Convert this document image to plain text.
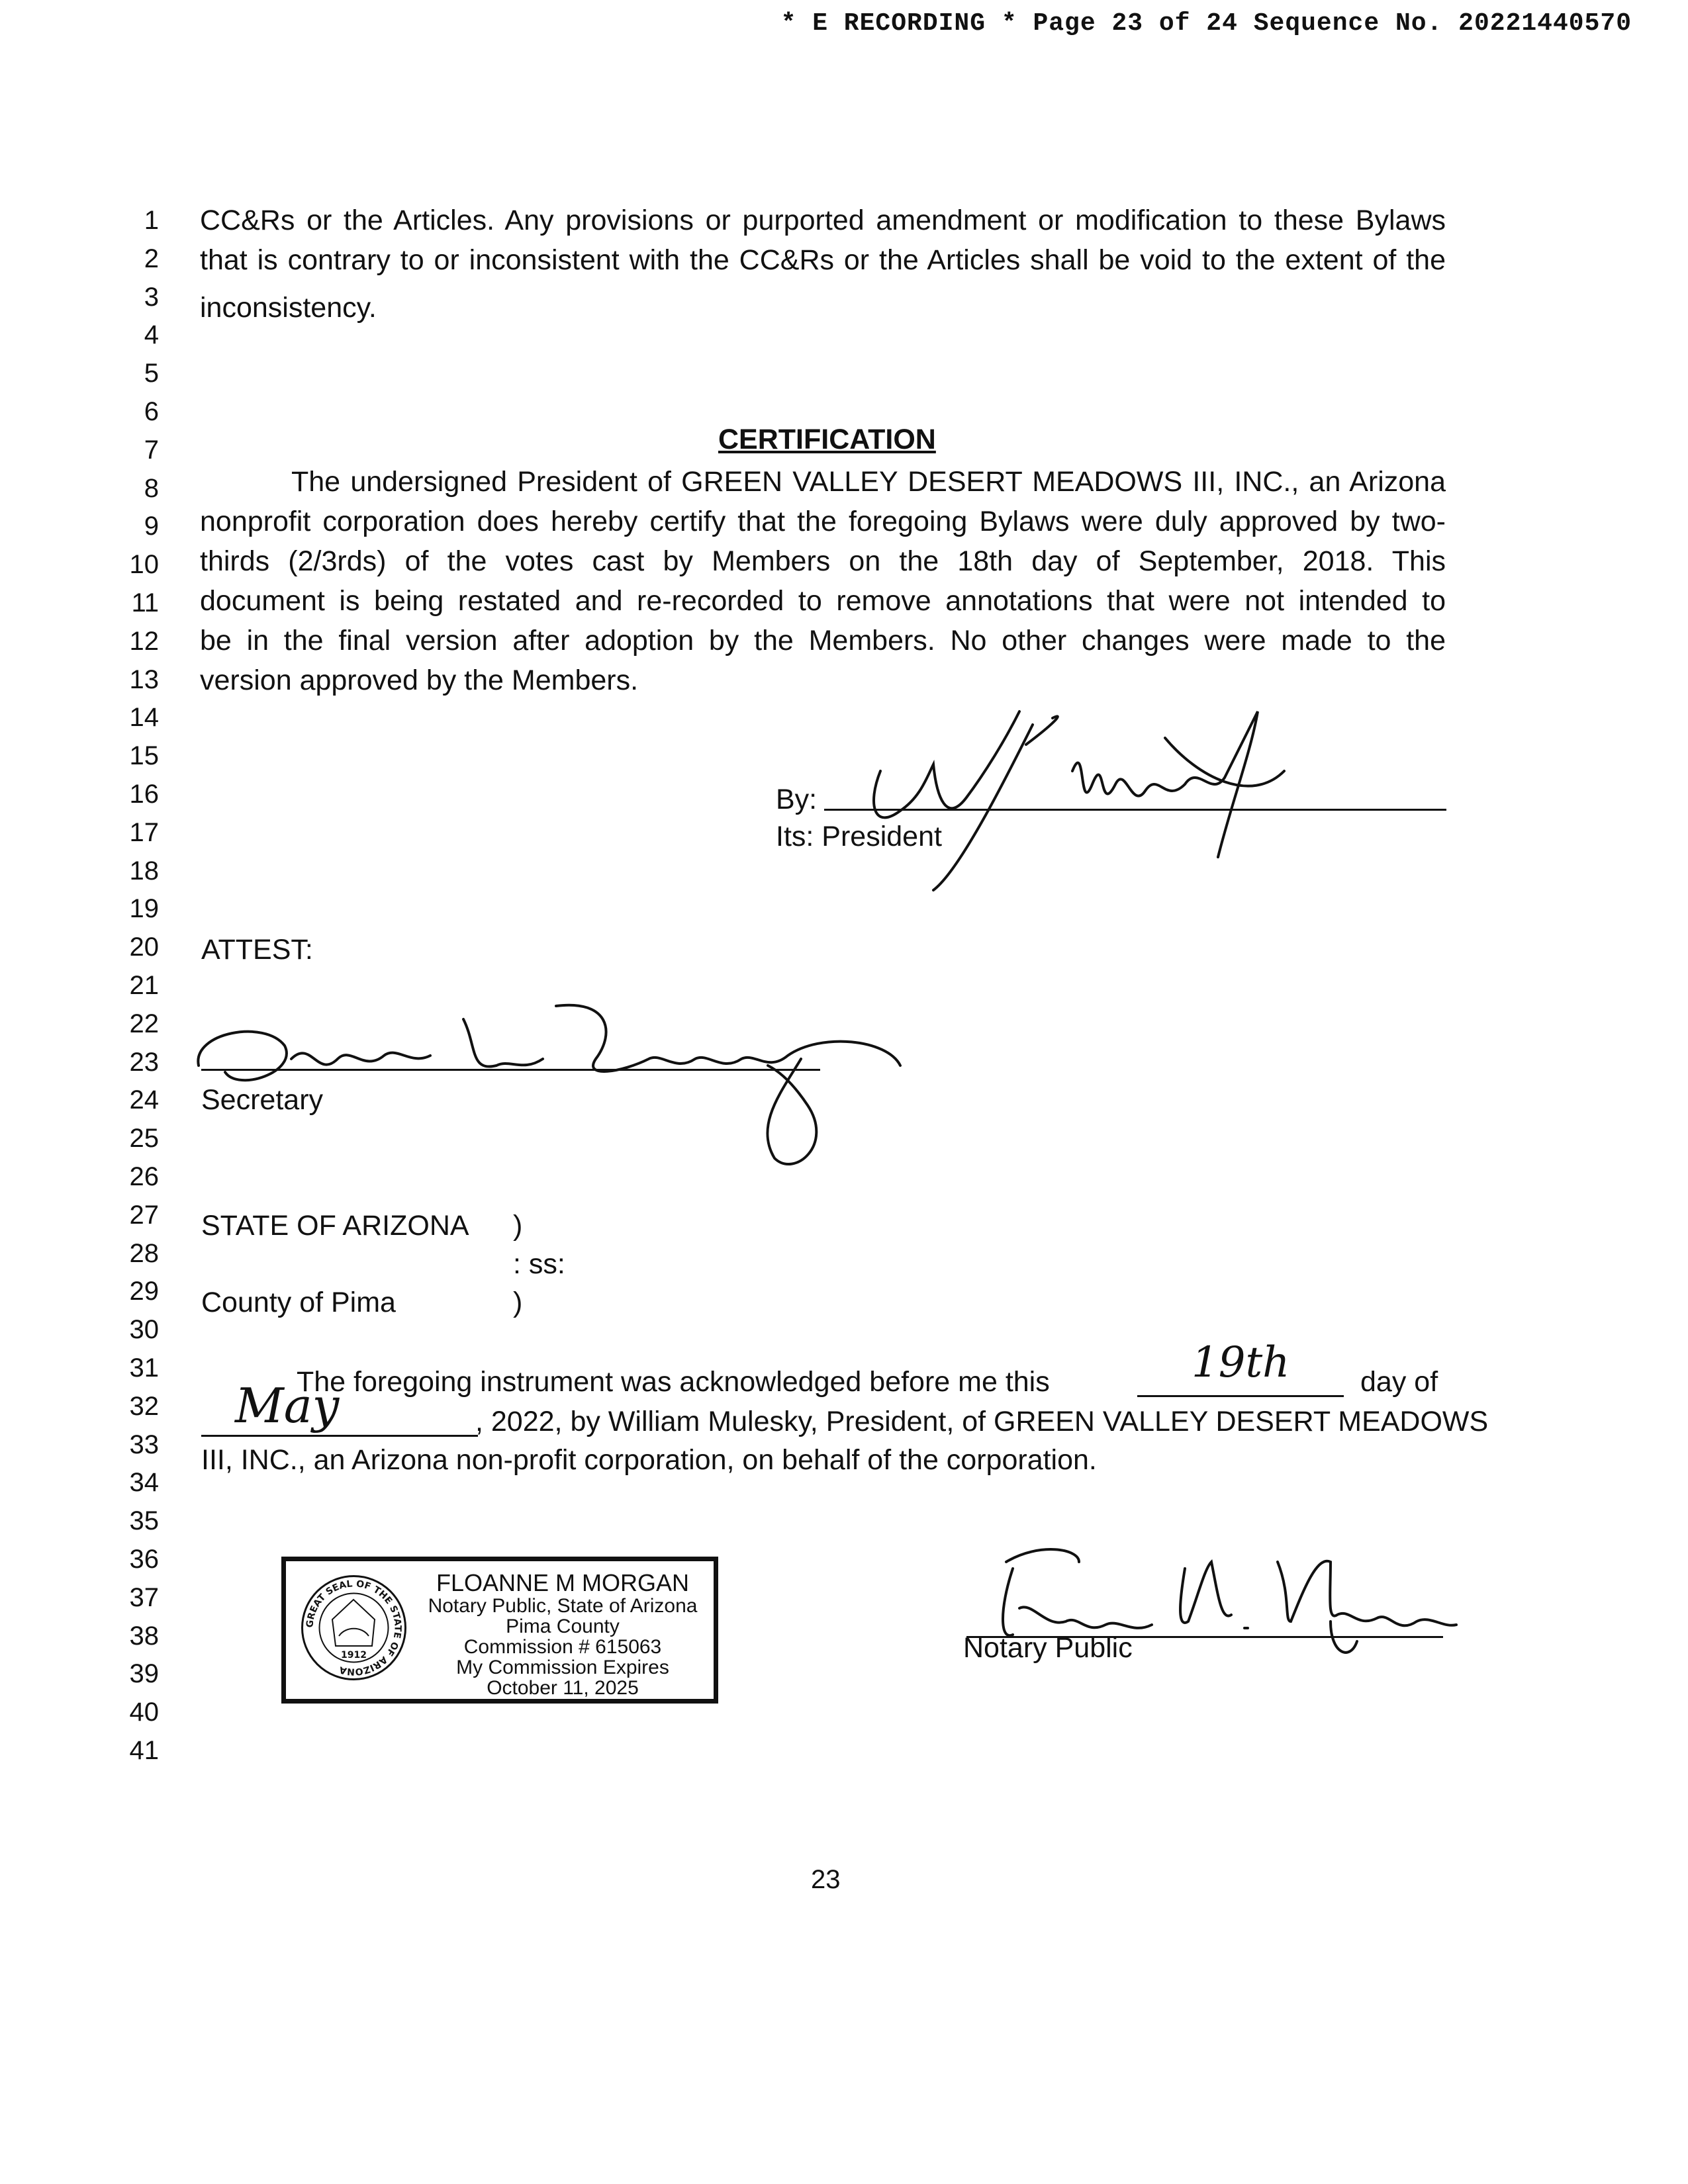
* E RECORDING * Page 23 of 24 Sequence No. 20221440570
1
2
3
4
5
6
7
8
9
10
11
12
13
14
15
16
17
18
19
20
21
22
23
24
25
26
27
28
29
30
31
32
33
34
35
36
37
38
39
40
41
CC&Rs or the Articles. Any provisions or purported amendment or modification to these Bylaws
that is contrary to or inconsistent with the CC&Rs or the Articles shall be void to the extent of the
inconsistency.
CERTIFICATION
The undersigned President of GREEN VALLEY DESERT MEADOWS III, INC., an Arizona
nonprofit corporation does hereby certify that the foregoing Bylaws were duly approved by two-
thirds (2/3rds) of the votes cast by Members on the 18th day of September, 2018. This
document is being restated and re-recorded to remove annotations that were not intended to
be in the final version after adoption by the Members. No other changes were made to the
version approved by the Members.
By:
Its: President
ATTEST:
Secretary
STATE OF ARIZONA )
: ss:
County of Pima	)
The foregoing instrument was acknowledged before me this	19th day of
May	, 2022, by William Mulesky, President, of GREEN VALLEY DESERT MEADOWS
III, INC., an Arizona non-profit corporation, on behalf of the corporation.
GREAT SEAL OF THE STATE OF ARIZONA
1912
FLOANNE M MORGAN
Notary Public, State of Arizona
Pima County
Commission # 615063
My Commission Expires
October 11, 2025
Notary Public
23
